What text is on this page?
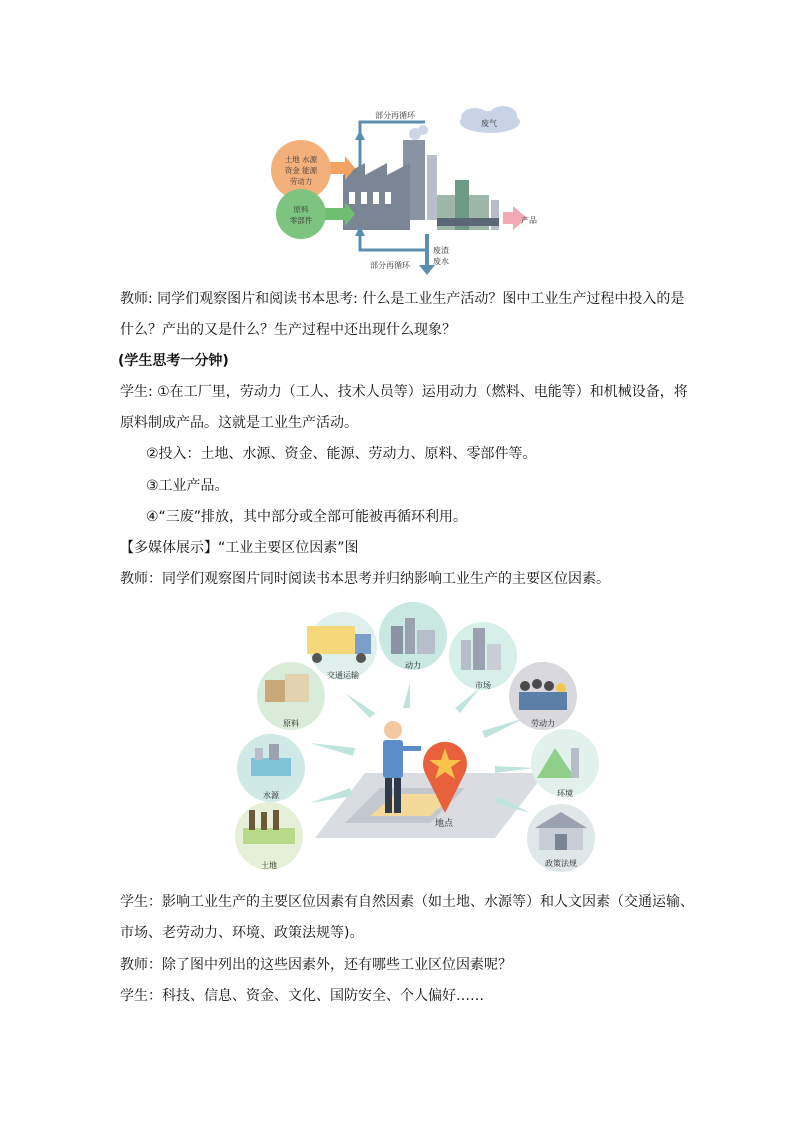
部分再循环
废气
部分再循环
废渣
废水
产品
土地 水源
资金 能源
劳动力
原料
零部件
教师: 同学们观察图片和阅读书本思考: 什么是工业生产活动？图中工业生产过程中投入的是
什么？产出的又是什么？生产过程中还出现什么现象？
(学生思考一分钟)
学生: ①在工厂里，劳动力（工人、技术人员等）运用动力（燃料、电能等）和机械设备，将
原料制成产品。这就是工业生产活动。
②投入：土地、水源、资金、能源、劳动力、原料、零部件等。
③工业产品。
④“三废”排放，其中部分或全部可能被再循环利用。
【多媒体展示】“工业主要区位因素”图
教师：同学们观察图片同时阅读书本思考并归纳影响工业生产的主要区位因素。
地点
交通运输
动力
市场
劳动力
原料
水源	环境
土地	政策法规
学生：影响工业生产的主要区位因素有自然因素（如土地、水源等）和人文因素（交通运输、
市场、老劳动力、环境、政策法规等)。
教师：除了图中列出的这些因素外，还有哪些工业区位因素呢？
学生：科技、信息、资金、文化、国防安全、个人偏好……
